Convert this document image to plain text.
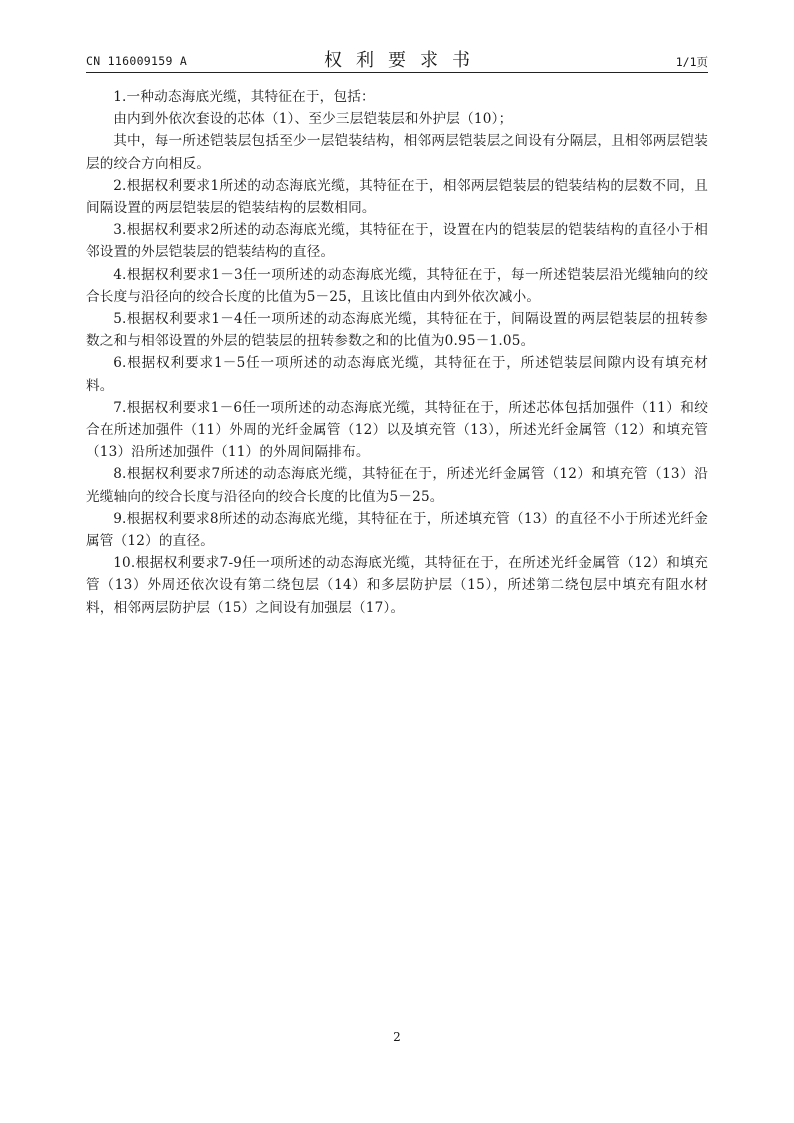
CN 116009159 A	权利要求书	1/1页

1.一种动态海底光缆，其特征在于，包括：

由内到外依次套设的芯体（1）、至少三层铠装层和外护层（10）；

其中，每一所述铠装层包括至少一层铠装结构，相邻两层铠装层之间设有分隔层，且相邻两层铠装层的绞合方向相反。

2.根据权利要求1所述的动态海底光缆，其特征在于，相邻两层铠装层的铠装结构的层数不同，且间隔设置的两层铠装层的铠装结构的层数相同。

3.根据权利要求2所述的动态海底光缆，其特征在于，设置在内的铠装层的铠装结构的直径小于相邻设置的外层铠装层的铠装结构的直径。

4.根据权利要求1－3任一项所述的动态海底光缆，其特征在于，每一所述铠装层沿光缆轴向的绞合长度与沿径向的绞合长度的比值为5－25，且该比值由内到外依次减小。

5.根据权利要求1－4任一项所述的动态海底光缆，其特征在于，间隔设置的两层铠装层的扭转参数之和与相邻设置的外层的铠装层的扭转参数之和的比值为0.95－1.05。

6.根据权利要求1－5任一项所述的动态海底光缆，其特征在于，所述铠装层间隙内设有填充材料。

7.根据权利要求1－6任一项所述的动态海底光缆，其特征在于，所述芯体包括加强件（11）和绞合在所述加强件（11）外周的光纤金属管（12）以及填充管（13），所述光纤金属管（12）和填充管（13）沿所述加强件（11）的外周间隔排布。

8.根据权利要求7所述的动态海底光缆，其特征在于，所述光纤金属管（12）和填充管（13）沿光缆轴向的绞合长度与沿径向的绞合长度的比值为5－25。

9.根据权利要求8所述的动态海底光缆，其特征在于，所述填充管（13）的直径不小于所述光纤金属管（12）的直径。

10.根据权利要求7-9任一项所述的动态海底光缆，其特征在于，在所述光纤金属管（12）和填充管（13）外周还依次设有第二绕包层（14）和多层防护层（15），所述第二绕包层中填充有阻水材料，相邻两层防护层（15）之间设有加强层（17）。

2
